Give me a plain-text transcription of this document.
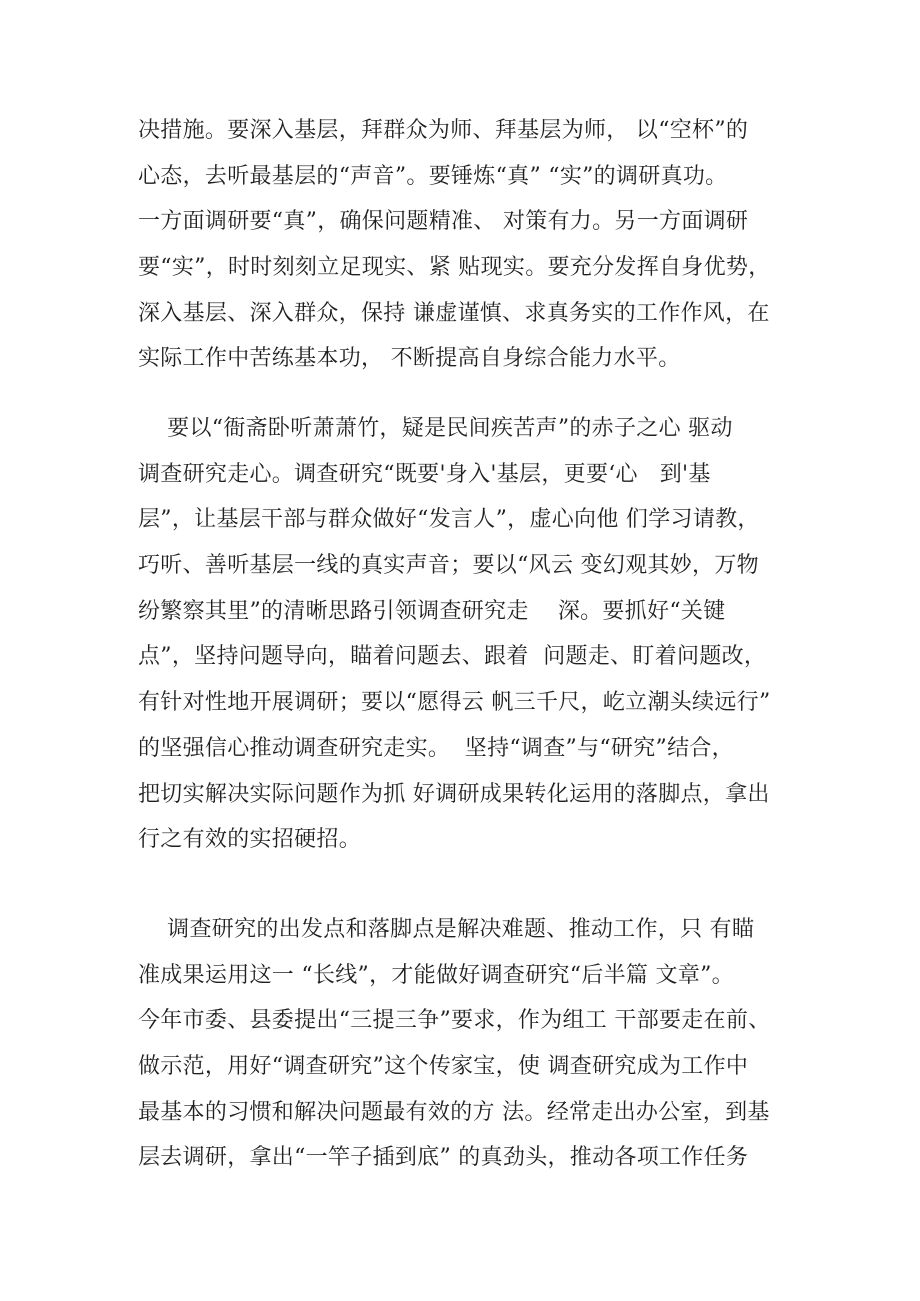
决措施。要深入基层，拜群众为师、拜基层为师， 以“空杯”的
心态，去听最基层的“声音”。要锤炼“真” “实”的调研真功。
一方面调研要“真”，确保问题精准、 对策有力。另一方面调研
要“实”，时时刻刻立足现实、紧 贴现实。要充分发挥自身优势，
深入基层、深入群众，保持 谦虚谨慎、求真务实的工作作风，在
实际工作中苦练基本功， 不断提高自身综合能力水平。
要以“衙斋卧听萧萧竹，疑是民间疾苦声”的赤子之心 驱动
调查研究走心。调查研究“既要'身入'基层，更要‘心   到'基
层”，让基层干部与群众做好“发言人”，虚心向他 们学习请教，
巧听、善听基层一线的真实声音；要以“风云 变幻观其妙，万物
纷繁察其里”的清晰思路引领调查研究走    深。要抓好“关键
点”，坚持问题导向，瞄着问题去、跟着  问题走、盯着问题改，
有针对性地开展调研；要以“愿得云 帆三千尺，屹立潮头续远行”
的坚强信心推动调查研究走实。  坚持“调查”与“研究”结合，
把切实解决实际问题作为抓 好调研成果转化运用的落脚点，拿出
行之有效的实招硬招。
调查研究的出发点和落脚点是解决难题、推动工作，只 有瞄
准成果运用这一 “长线”，才能做好调查研究“后半篇 文章”。
今年市委、县委提出“三提三争”要求，作为组工 干部要走在前、
做示范，用好“调查研究”这个传家宝，使 调查研究成为工作中
最基本的习惯和解决问题最有效的方 法。经常走出办公室，到基
层去调研，拿出“一竿子插到底” 的真劲头，推动各项工作任务
